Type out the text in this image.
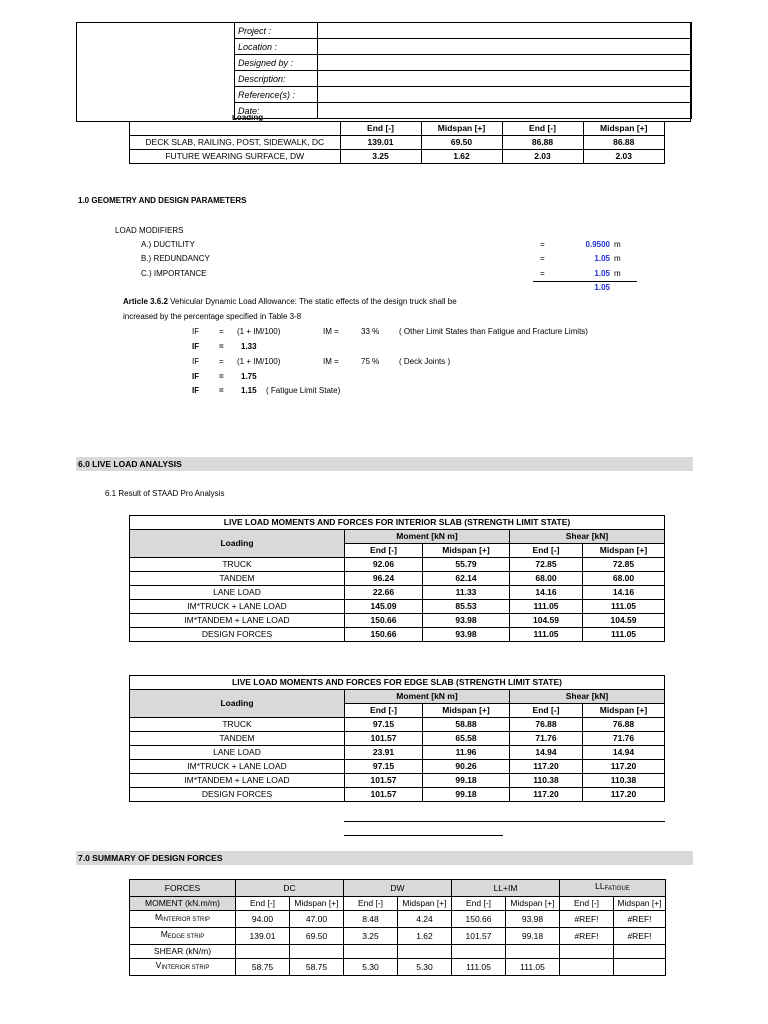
Project :	
Location :	
Designed by :	
Description:	
Reference(s) :	
Date:	
Loading
	End [-]	Midspan [+]	End [-]	Midspan [+]
DECK SLAB, RAILING, POST, SIDEWALK, DC	139.01	69.50	86.88	86.88
FUTURE WEARING SURFACE, DW	3.25	1.62	2.03	2.03
1.0 GEOMETRY AND DESIGN PARAMETERS
LOAD MODIFIERS
A.) DUCTILITY	=	0.9500 m
B.) REDUNDANCY	=	1.05 m
C.) IMPORTANCE	=	1.05 m
1.05
Article 3.6.2 Vehicular Dynamic Load Allowance: The static effects of the design truck shall be
increased by the percentage specified in Table 3-8
IF = (1 + IM/100)	IM =	33 % ( Other Limit States than Fatigue and Fracture Limits)
IF = 1.33
IF = (1 + IM/100)	IM =	75 % ( Deck Joints )
IF = 1.75
IF = 1.15 ( Fatigue Limit State)
6.0 LIVE LOAD ANALYSIS
6.1 Result of STAAD Pro Analysis
LIVE LOAD MOMENTS AND FORCES FOR INTERIOR SLAB (STRENGTH LIMIT STATE)				
Loading	Moment [kN m]		Shear [kN]	
	End [-]	Midspan [+]	End [-]	Midspan [+]
TRUCK	92.06	55.79	72.85	72.85
TANDEM	96.24	62.14	68.00	68.00
LANE LOAD	22.66	11.33	14.16	14.16
IM*TRUCK + LANE LOAD	145.09	85.53	111.05	111.05
IM*TANDEM + LANE LOAD	150.66	93.98	104.59	104.59
DESIGN FORCES	150.66	93.98	111.05	111.05
LIVE LOAD MOMENTS AND FORCES FOR EDGE SLAB (STRENGTH LIMIT STATE)				
Loading	Moment [kN m]		Shear [kN]	
	End [-]	Midspan [+]	End [-]	Midspan [+]
TRUCK	97.15	58.88	76.88	76.88
TANDEM	101.57	65.58	71.76	71.76
LANE LOAD	23.91	11.96	14.94	14.94
IM*TRUCK + LANE LOAD	97.15	90.26	117.20	117.20
IM*TANDEM + LANE LOAD	101.57	99.18	110.38	110.38
DESIGN FORCES	101.57	99.18	117.20	117.20
7.0 SUMMARY OF DESIGN FORCES
FORCES	DC		DW		LL+IM		$LL_{FATIGUE}$
MOMENT (kN.m/m)	End [-]	Midspan [+]	End [-]	Midspan [+]	End [-]	Midspan [+]	End [-]	Midspan [+]
$M_{INTERIOR STRIP}$	94.00	47.00	8.48	4.24	150.66	93.98	#REF!	#REF!
$M_{EDGE STRIP}$	139.01	69.50	3.25	1.62	101.57	99.18	#REF!	#REF!
SHEAR (kN/m)								
$V_{INTERIOR STRIP}$	58.75	58.75	5.30	5.30	111.05	111.05		
